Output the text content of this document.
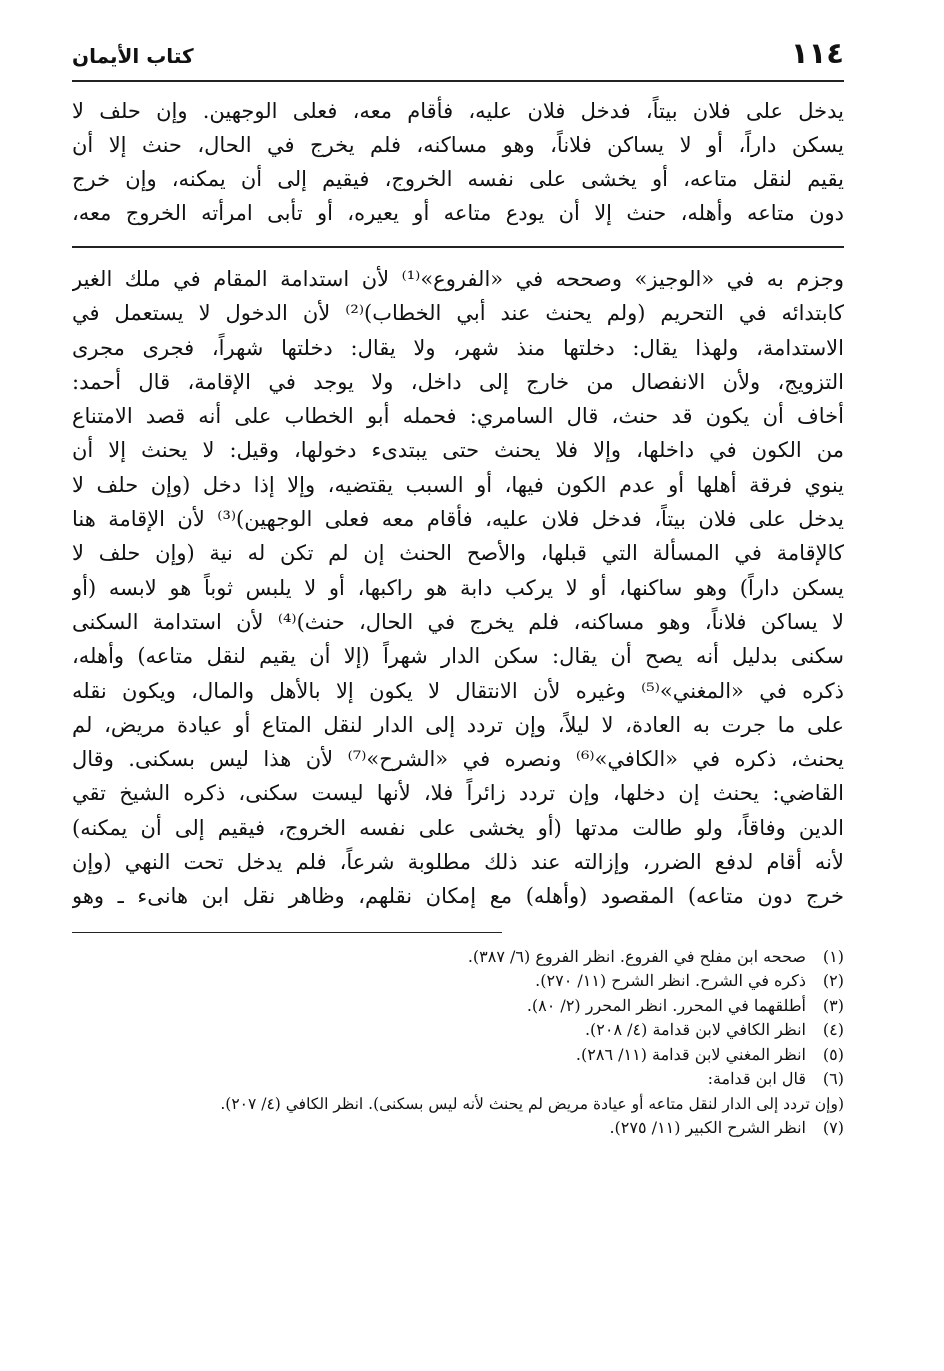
١١٤
كتاب الأيمان
يدخل على فلان بيتاً، فدخل فلان عليه، فأقام معه، فعلى الوجهين. وإن حلف لا
يسكن داراً، أو لا يساكن فلاناً، وهو مساكنه، فلم يخرج في الحال، حنث إلا أن
يقيم لنقل متاعه، أو يخشى على نفسه الخروج، فيقيم إلى أن يمكنه، وإن خرج
دون متاعه وأهله، حنث إلا أن يودع متاعه أو يعيره، أو تأبى امرأته الخروج معه،
وجزم به في «الوجيز» وصححه في «الفروع»⁽¹⁾ لأن استدامة المقام في ملك الغير
كابتدائه في التحريم (ولم يحنث عند أبي الخطاب)⁽²⁾ لأن الدخول لا يستعمل في
الاستدامة، ولهذا يقال: دخلتها منذ شهر، ولا يقال: دخلتها شهراً، فجرى مجرى
التزويج، ولأن الانفصال من خارج إلى داخل، ولا يوجد في الإقامة، قال أحمد:
أخاف أن يكون قد حنث، قال السامري: فحمله أبو الخطاب على أنه قصد الامتناع
من الكون في داخلها، وإلا فلا يحنث حتى يبتدىء دخولها، وقيل: لا يحنث إلا أن
ينوي فرقة أهلها أو عدم الكون فيها، أو السبب يقتضيه، وإلا إذا دخل (وإن حلف لا
يدخل على فلان بيتاً، فدخل فلان عليه، فأقام معه فعلى الوجهين)⁽³⁾ لأن الإقامة هنا
كالإقامة في المسألة التي قبلها، والأصح الحنث إن لم تكن له نية (وإن حلف لا
يسكن داراً) وهو ساكنها، أو لا يركب دابة هو راكبها، أو لا يلبس ثوباً هو لابسه (أو
لا يساكن فلاناً، وهو مساكنه، فلم يخرج في الحال، حنث)⁽⁴⁾ لأن استدامة السكنى
سكنى بدليل أنه يصح أن يقال: سكن الدار شهراً (إلا أن يقيم لنقل متاعه) وأهله،
ذكره في «المغني»⁽⁵⁾ وغيره لأن الانتقال لا يكون إلا بالأهل والمال، ويكون نقله
على ما جرت به العادة، لا ليلاً، وإن تردد إلى الدار لنقل المتاع أو عيادة مريض، لم
يحنث، ذكره في «الكافي»⁽⁶⁾ ونصره في «الشرح»⁽⁷⁾ لأن هذا ليس بسكنى. وقال
القاضي: يحنث إن دخلها، وإن تردد زائراً فلا، لأنها ليست سكنى، ذكره الشيخ تقي
الدين وفاقاً، ولو طالت مدتها (أو يخشى على نفسه الخروج، فيقيم إلى أن يمكنه)
لأنه أقام لدفع الضرر، وإزالته عند ذلك مطلوبة شرعاً، فلم يدخل تحت النهي (وإن
خرج دون متاعه) المقصود (وأهله) مع إمكان نقلهم، وظاهر نقل ابن هانىء ـ وهو
(١)صححه ابن مفلح في الفروع. انظر الفروع (٦/ ٣٨٧).
(٢)ذكره في الشرح. انظر الشرح (١١/ ٢٧٠).
(٣)أطلقهما في المحرر. انظر المحرر (٢/ ٨٠).
(٤)انظر الكافي لابن قدامة (٤/ ٢٠٨).
(٥)انظر المغني لابن قدامة (١١/ ٢٨٦).
(٦)قال ابن قدامة:
(وإن تردد إلى الدار لنقل متاعه أو عيادة مريض لم يحنث لأنه ليس بسكنى). انظر الكافي (٤/ ٢٠٧).
(٧)انظر الشرح الكبير (١١/ ٢٧٥).
